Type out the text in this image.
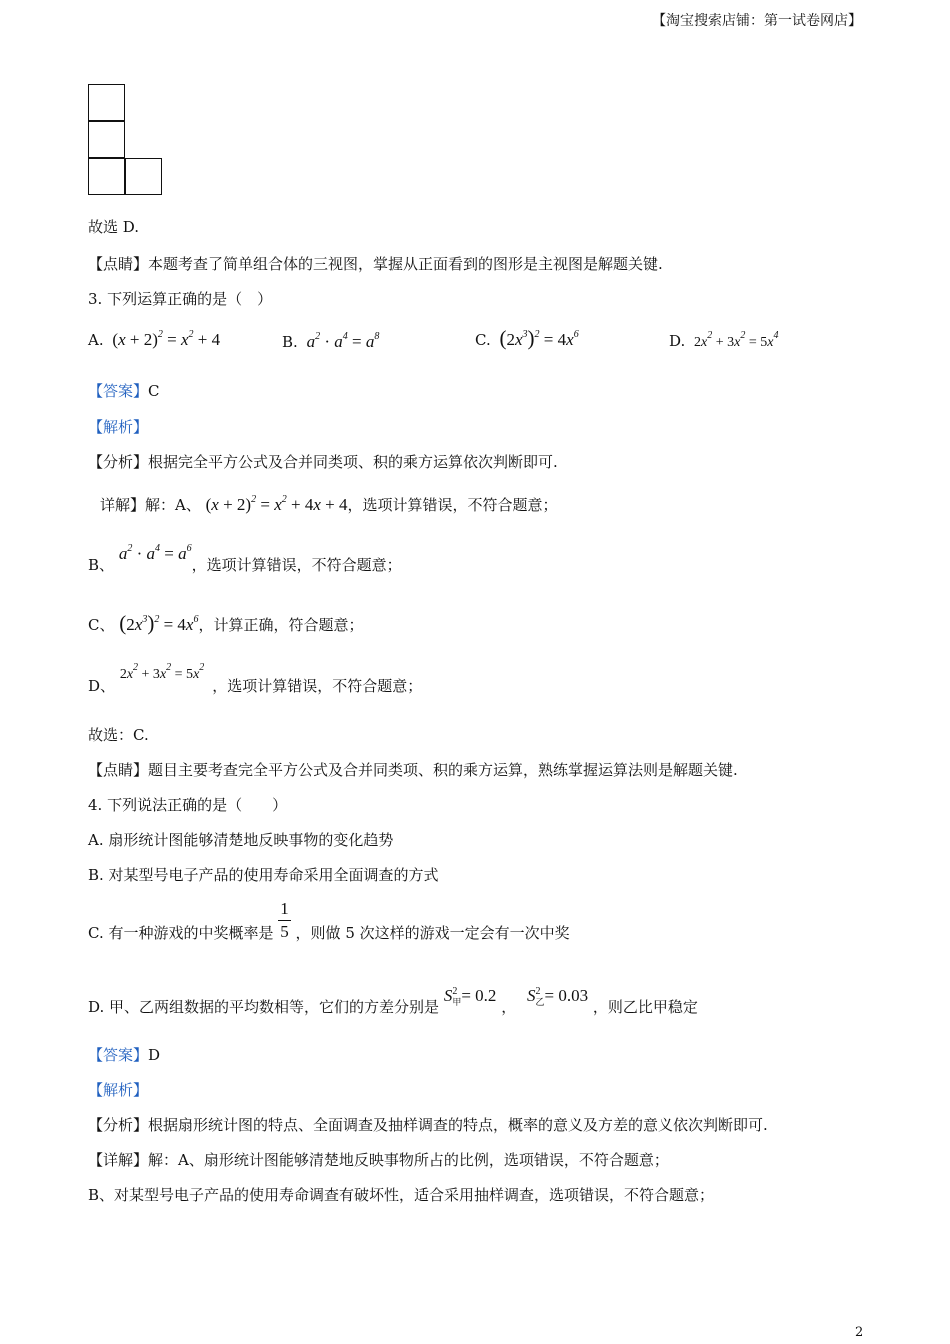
【淘宝搜索店铺：第一试卷网店】
故选 D.
【点睛】本题考查了简单组合体的三视图，掌握从正面看到的图形是主视图是解题关键.
3. 下列运算正确的是（　）
A. $(x + 2)^2 = x^2 + 4$	B. $a^2 \cdot a^4 = a^8$	C. $(2x^3)^2 = 4x^6$	D. $2x^2 + 3x^2 = 5x^4$
【答案】C
【解析】
【分析】根据完全平方公式及合并同类项、积的乘方运算依次判断即可.
详解】解：A、 $(x + 2)^2 = x^2 + 4x + 4$，选项计算错误，不符合题意；
B、 $a^2 \cdot a^4 = a^6$，选项计算错误，不符合题意；
C、 $(2x^3)^2 = 4x^6$，计算正确，符合题意；
D、 $2x^2 + 3x^2 = 5x^2$，选项计算错误，不符合题意；
故选：C.
【点睛】题目主要考查完全平方公式及合并同类项、积的乘方运算，熟练掌握运算法则是解题关键.
4. 下列说法正确的是（　　）
A. 扇形统计图能够清楚地反映事物的变化趋势
B. 对某型号电子产品的使用寿命采用全面调查的方式
C. 有一种游戏的中奖概率是 $\frac{1}{5}$ ，则做 5 次这样的游戏一定会有一次中奖
D. 甲、乙两组数据的平均数相等，它们的方差分别是 S 2
甲 = 0.2 ， S 2
乙 = 0.03 ，则乙比甲稳定
【答案】D
【解析】
【分析】根据扇形统计图的特点、全面调查及抽样调查的特点，概率的意义及方差的意义依次判断即可.
【详解】解：A、扇形统计图能够清楚地反映事物所占的比例，选项错误，不符合题意；
B、对某型号电子产品的使用寿命调查有破坏性，适合采用抽样调查，选项错误，不符合题意；
2
